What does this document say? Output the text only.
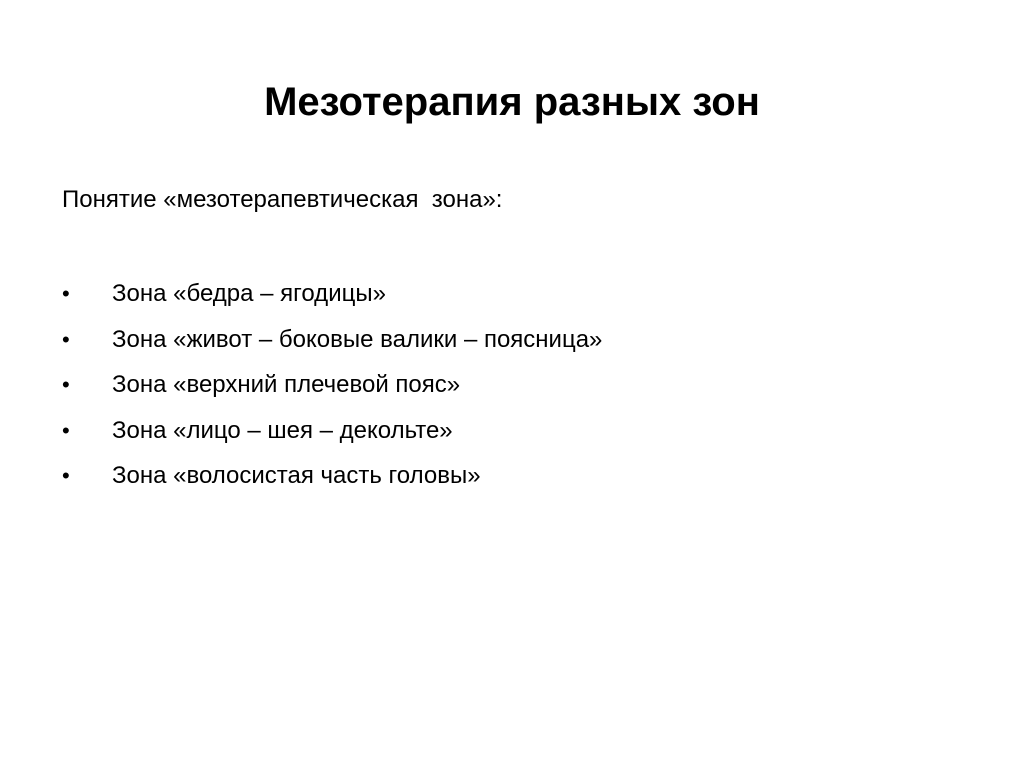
Мезотерапия разных зон
Понятие «мезотерапевтическая  зона»:
•	Зона «бедра – ягодицы»
•	Зона «живот – боковые валики – поясница»
•	Зона «верхний плечевой пояс»
•	Зона «лицо – шея – декольте»
•	Зона «волосистая часть головы»
